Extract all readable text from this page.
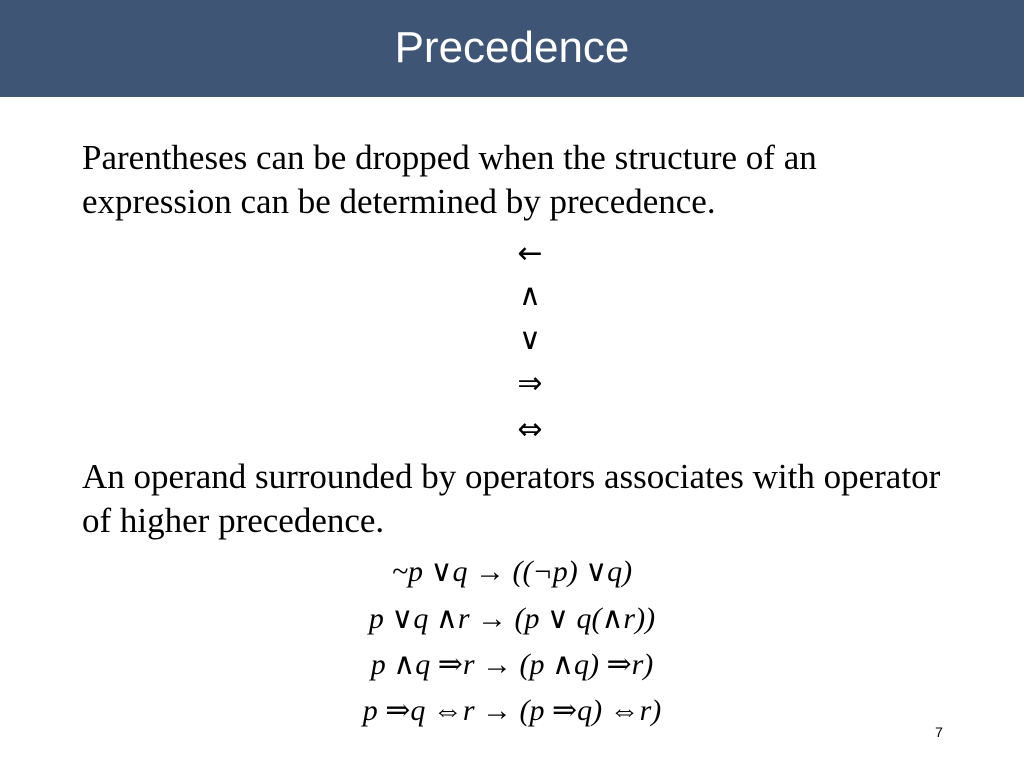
Precedence
Parentheses can be dropped when the structure of an expression can be determined by precedence.
←
∧
∨
⇒
⇔
An operand surrounded by operators associates with operator of higher precedence.
~p ∨q → ((¬p) ∨q)
p ∨q ∧r → (p ∨ q(∧r))
p ∧q ⇒r → (p ∧q) ⇒r)
p ⇒q ⇔r → (p ⇒q) ⇔r)
7
